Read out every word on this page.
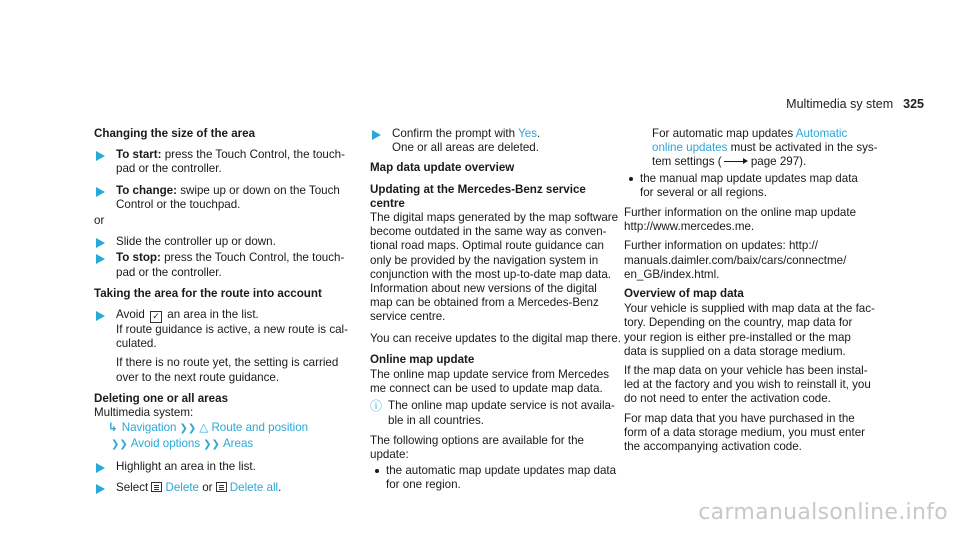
Multimedia sy stem 325
Changing the size of the area
To start: press the Touch Control, the touch-
pad or the controller.
To change: swipe up or down on the Touch
Control or the touchpad.
or
Slide the controller up or down.
To stop: press the Touch Control, the touch-
pad or the controller.
Taking the area for the route into account
Avoid ✓ an area in the list.
If route guidance is active, a new route is cal-
culated.
If there is no route yet, the setting is carried
over to the next route guidance.
Deleting one or all areas
Multimedia system:
↳ Navigation ❯❯ △ Route and position
❯❯ Avoid options ❯❯ Areas
Highlight an area in the list.
Select Delete or Delete all.
Confirm the prompt with Yes.
One or all areas are deleted.
Map data update overview
Updating at the Mercedes-Benz service
centre
The digital maps generated by the map software
become outdated in the same way as conven-
tional road maps. Optimal route guidance can
only be provided by the navigation system in
conjunction with the most up-to-date map data.
Information about new versions of the digital
map can be obtained from a Mercedes-Benz
service centre.
You can receive updates to the digital map there.
Online map update
The online map update service from Mercedes
me connect can be used to update map data.
ⓘ The online map update service is not availa-
ble in all countries.
The following options are available for the
update:
the automatic map update updates map data
for one region.
For automatic map updates Automatic
online updates must be activated in the sys-
tem settings (	page 297).
the manual map update updates map data
for several or all regions.
Further information on the online map update
http://www.mercedes.me.
Further information on updates: http://
manuals.daimler.com/baix/cars/connectme/
en_GB/index.html.
Overview of map data
Your vehicle is supplied with map data at the fac-
tory. Depending on the country, map data for
your region is either pre-installed or the map
data is supplied on a data storage medium.
If the map data on your vehicle has been instal-
led at the factory and you wish to reinstall it, you
do not need to enter the activation code.
For map data that you have purchased in the
form of a data storage medium, you must enter
the accompanying activation code.
carmanualsonline.info
